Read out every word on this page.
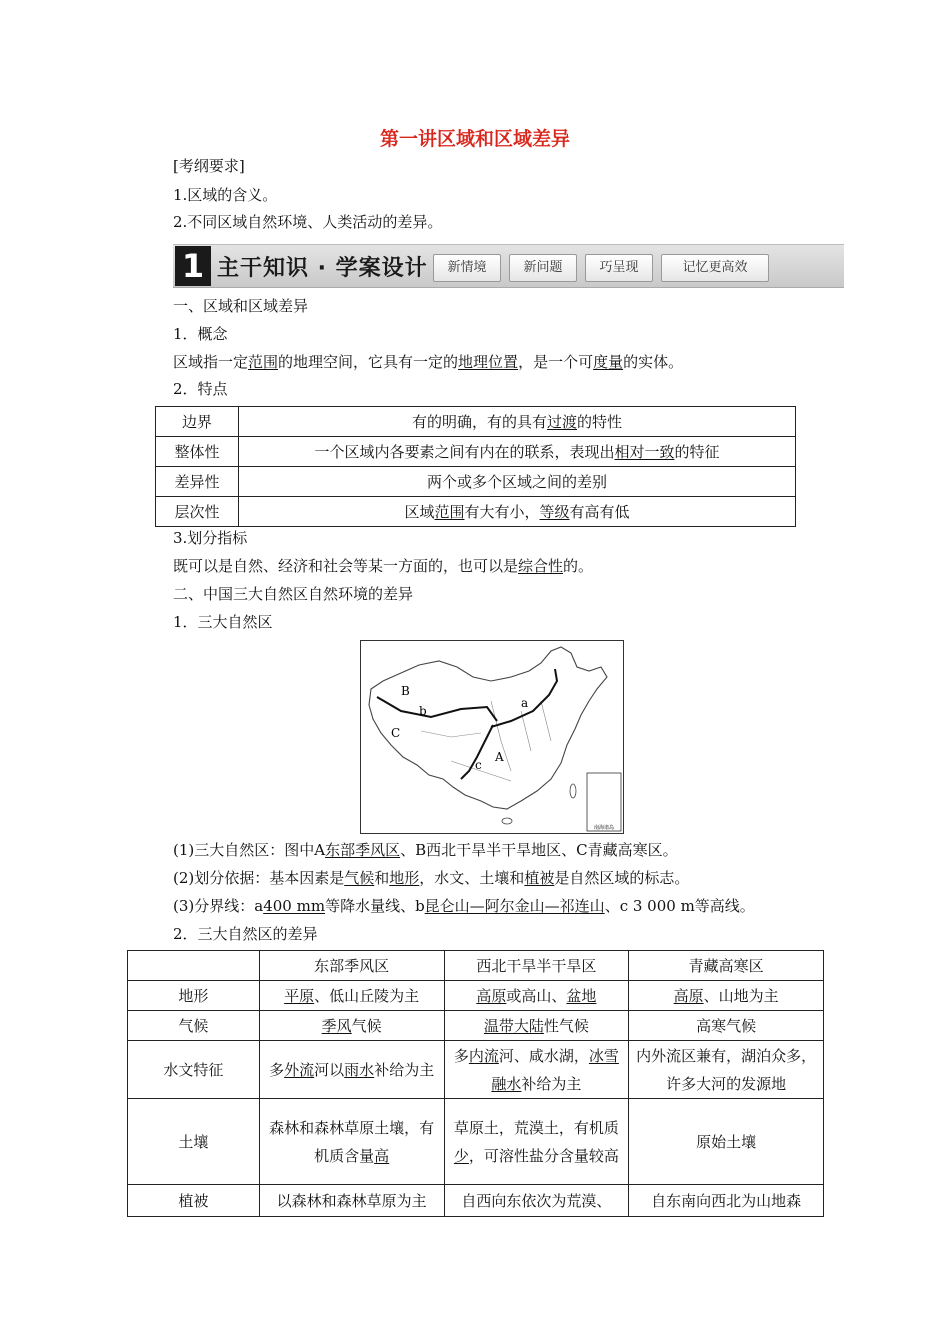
第一讲区域和区域差异
[考纲要求]
1.区域的含义。
2.不同区域自然环境、人类活动的差异。
1 主干知识 · 学案设计	新情境	新问题	巧呈现	记忆更高效
一、区域和区域差异
1．概念
区域指一定范围的地理空间，它具有一定的地理位置，是一个可度量的实体。
2．特点
边界	有的明确，有的具有过渡的特性
整体性	一个区域内各要素之间有内在的联系，表现出相对一致的特征
差异性	两个或多个区域之间的差别
层次性	区域范围有大有小，等级有高有低
3.划分指标
既可以是自然、经济和社会等某一方面的，也可以是综合性的。
二、中国三大自然区自然环境的差异
1．三大自然区
南海诸岛
B
b
C
a
A
c
(1)三大自然区：图中A东部季风区、B西北干旱半干旱地区、C青藏高寒区。
(2)划分依据：基本因素是气候和地形，水文、土壤和植被是自然区域的标志。
(3)分界线：a400 mm等降水量线、b昆仑山—阿尔金山—祁连山、c 3 000 m等高线。
2．三大自然区的差异
	东部季风区	西北干旱半干旱区	青藏高寒区
地形	平原、低山丘陵为主	高原或高山、盆地	高原、山地为主
气候	季风气候	温带大陆性气候	高寒气候
水文特征	多外流河以雨水补给为主	多内流河、咸水湖，冰雪融水补给为主	内外流区兼有，湖泊众多，许多大河的发源地
土壤	森林和森林草原土壤，有机质含量高	草原土，荒漠土，有机质少，可溶性盐分含量较高	原始土壤
植被	以森林和森林草原为主	自西向东依次为荒漠、	自东南向西北为山地森
